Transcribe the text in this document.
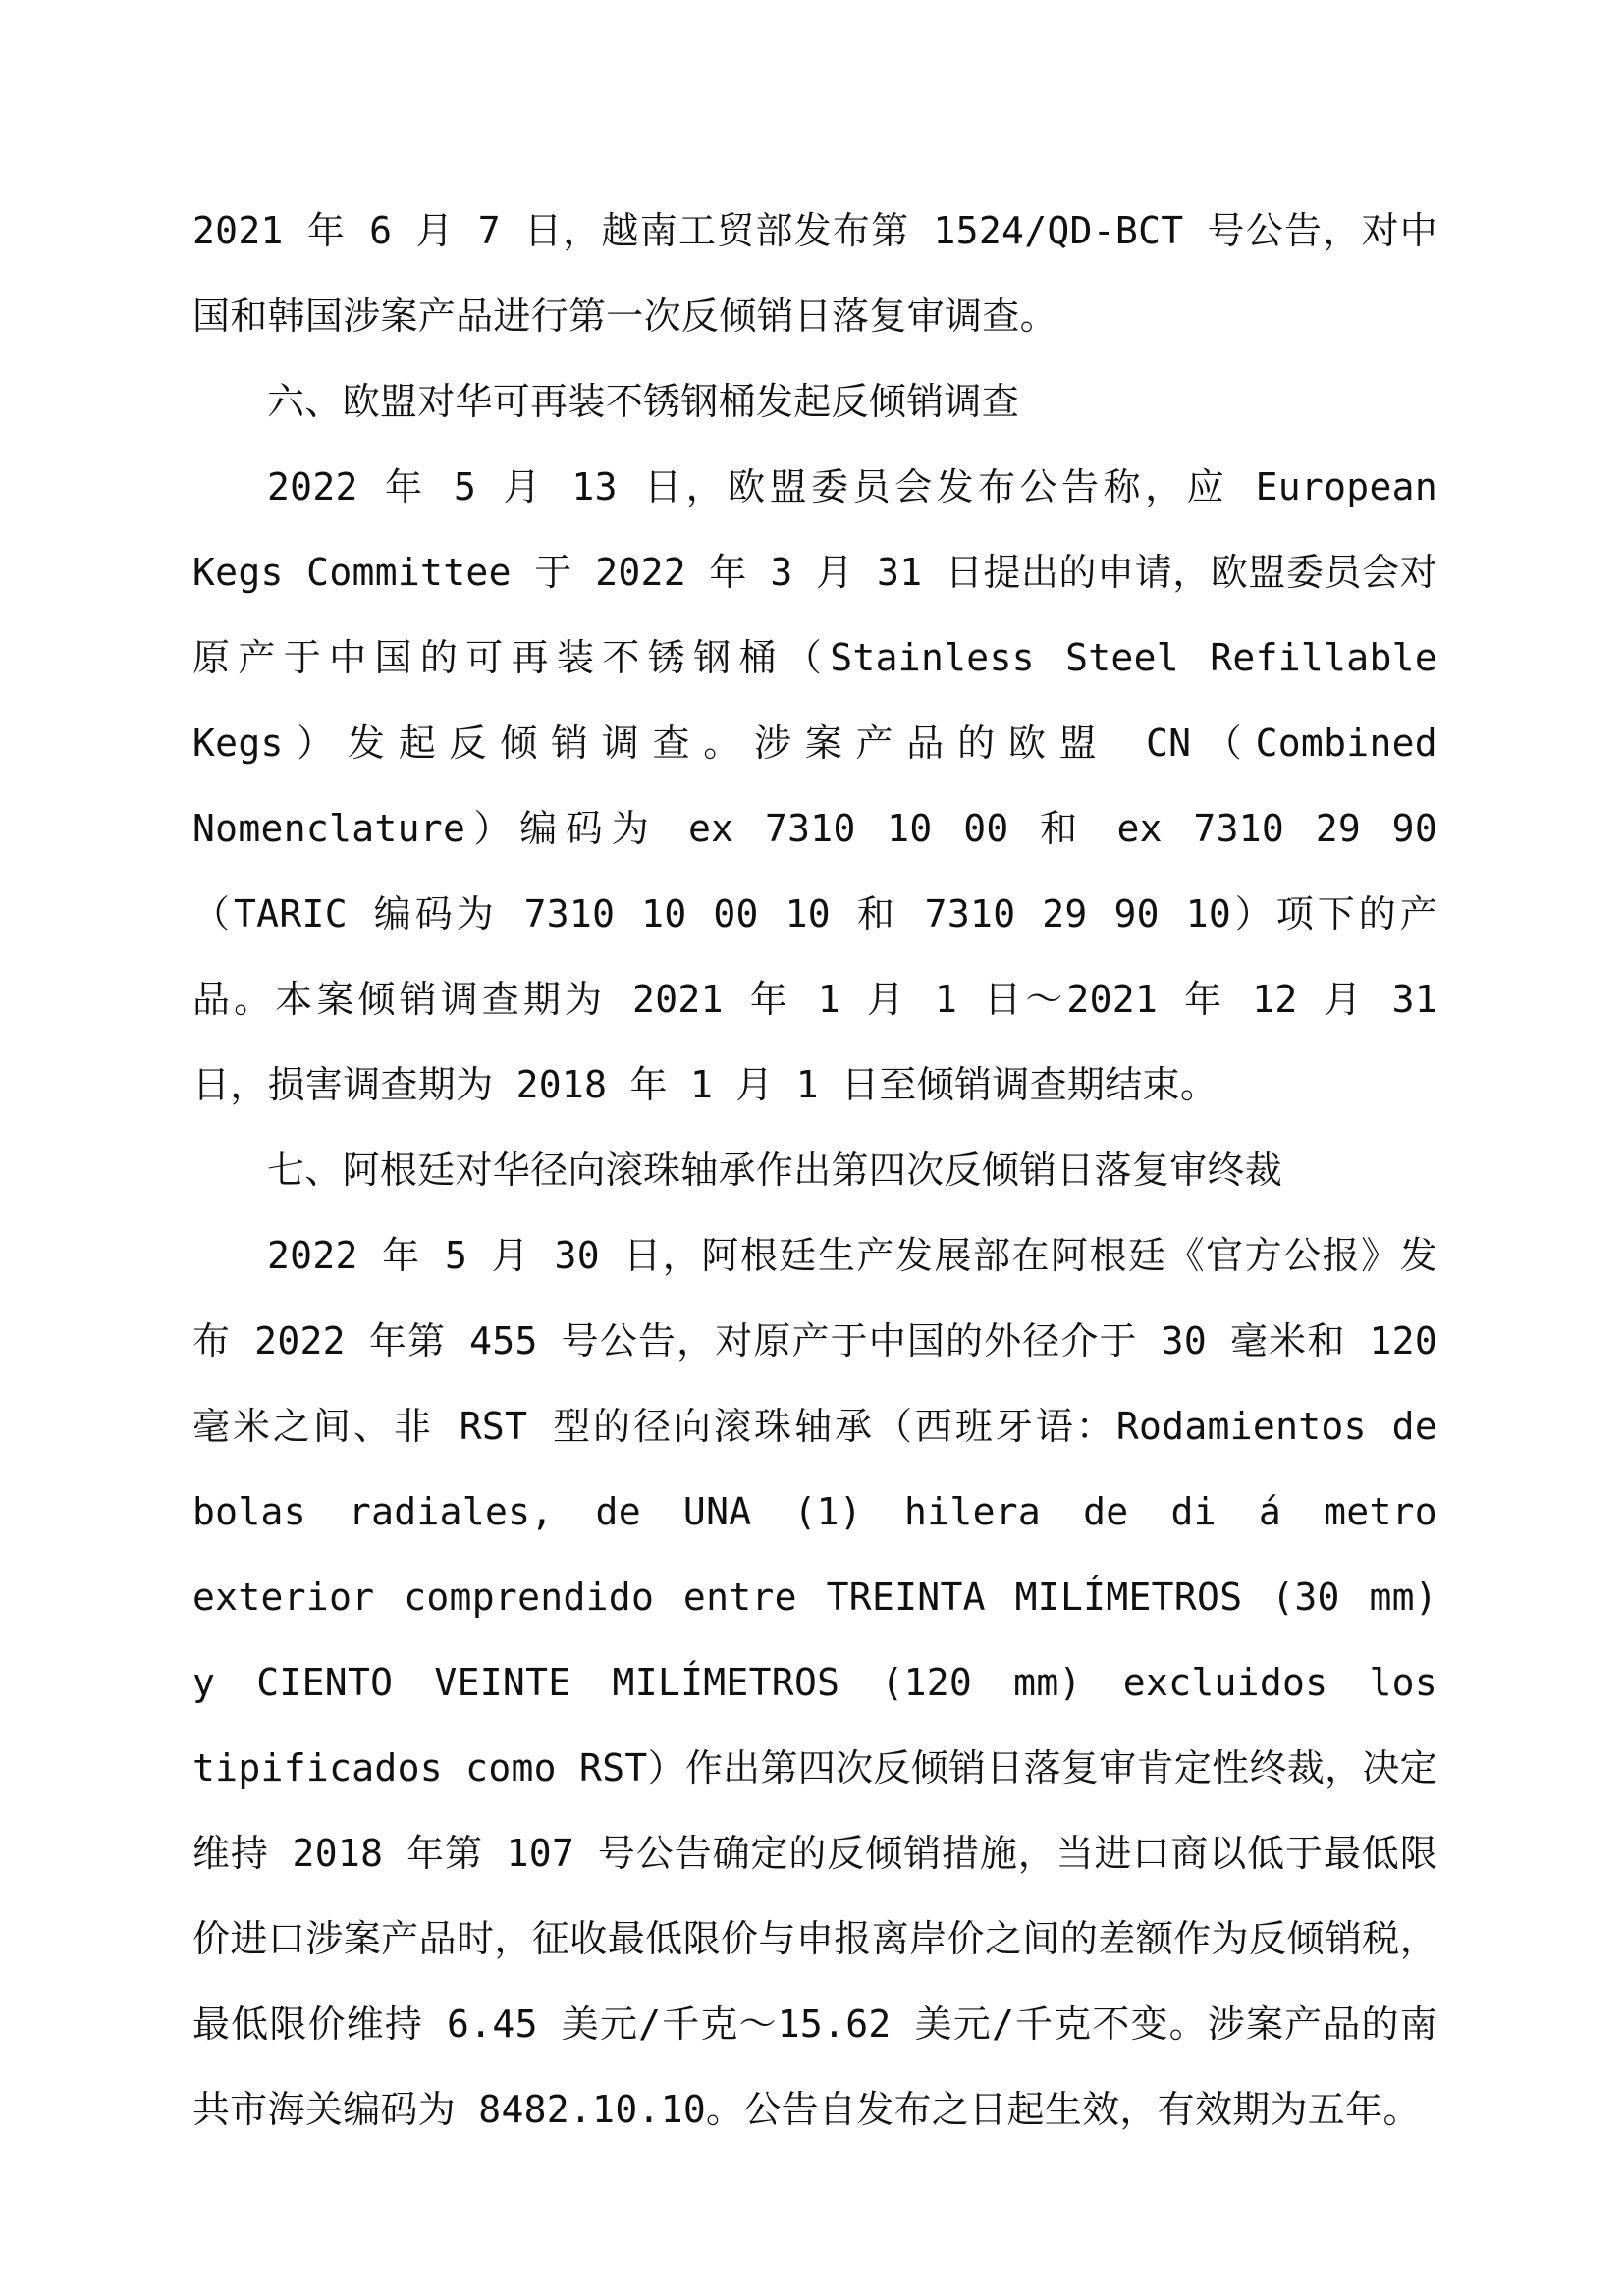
2021 年 6 月 7 日，越南工贸部发布第 1524/QD-BCT 号公告，对中国和韩国涉案产品进行第一次反倾销日落复审调查。

六、欧盟对华可再装不锈钢桶发起反倾销调查

2022 年 5 月 13 日，欧盟委员会发布公告称，应 European Kegs Committee 于 2022 年 3 月 31 日提出的申请，欧盟委员会对原产于中国的可再装不锈钢桶（Stainless Steel Refillable Kegs）发起反倾销调查。涉案产品的欧盟 CN（Combined Nomenclature）编码为 ex 7310 10 00 和 ex 7310 29 90（TARIC 编码为 7310 10 00 10 和 7310 29 90 10）项下的产品。本案倾销调查期为 2021 年 1 月 1 日～2021 年 12 月 31 日，损害调查期为 2018 年 1 月 1 日至倾销调查期结束。

七、阿根廷对华径向滚珠轴承作出第四次反倾销日落复审终裁

2022 年 5 月 30 日，阿根廷生产发展部在阿根廷《官方公报》发布 2022 年第 455 号公告，对原产于中国的外径介于 30 毫米和 120 毫米之间、非 RST 型的径向滚珠轴承（西班牙语：Rodamientos de bolas radiales, de UNA (1) hilera de di á metro exterior comprendido entre TREINTA MILÍMETROS (30 mm) y CIENTO VEINTE MILÍMETROS (120 mm) excluidos los tipificados como RST）作出第四次反倾销日落复审肯定性终裁，决定维持 2018 年第 107 号公告确定的反倾销措施，当进口商以低于最低限价进口涉案产品时，征收最低限价与申报离岸价之间的差额作为反倾销税，最低限价维持 6.45 美元/千克～15.62 美元/千克不变。涉案产品的南共市海关编码为 8482.10.10。公告自发布之日起生效，有效期为五年。
